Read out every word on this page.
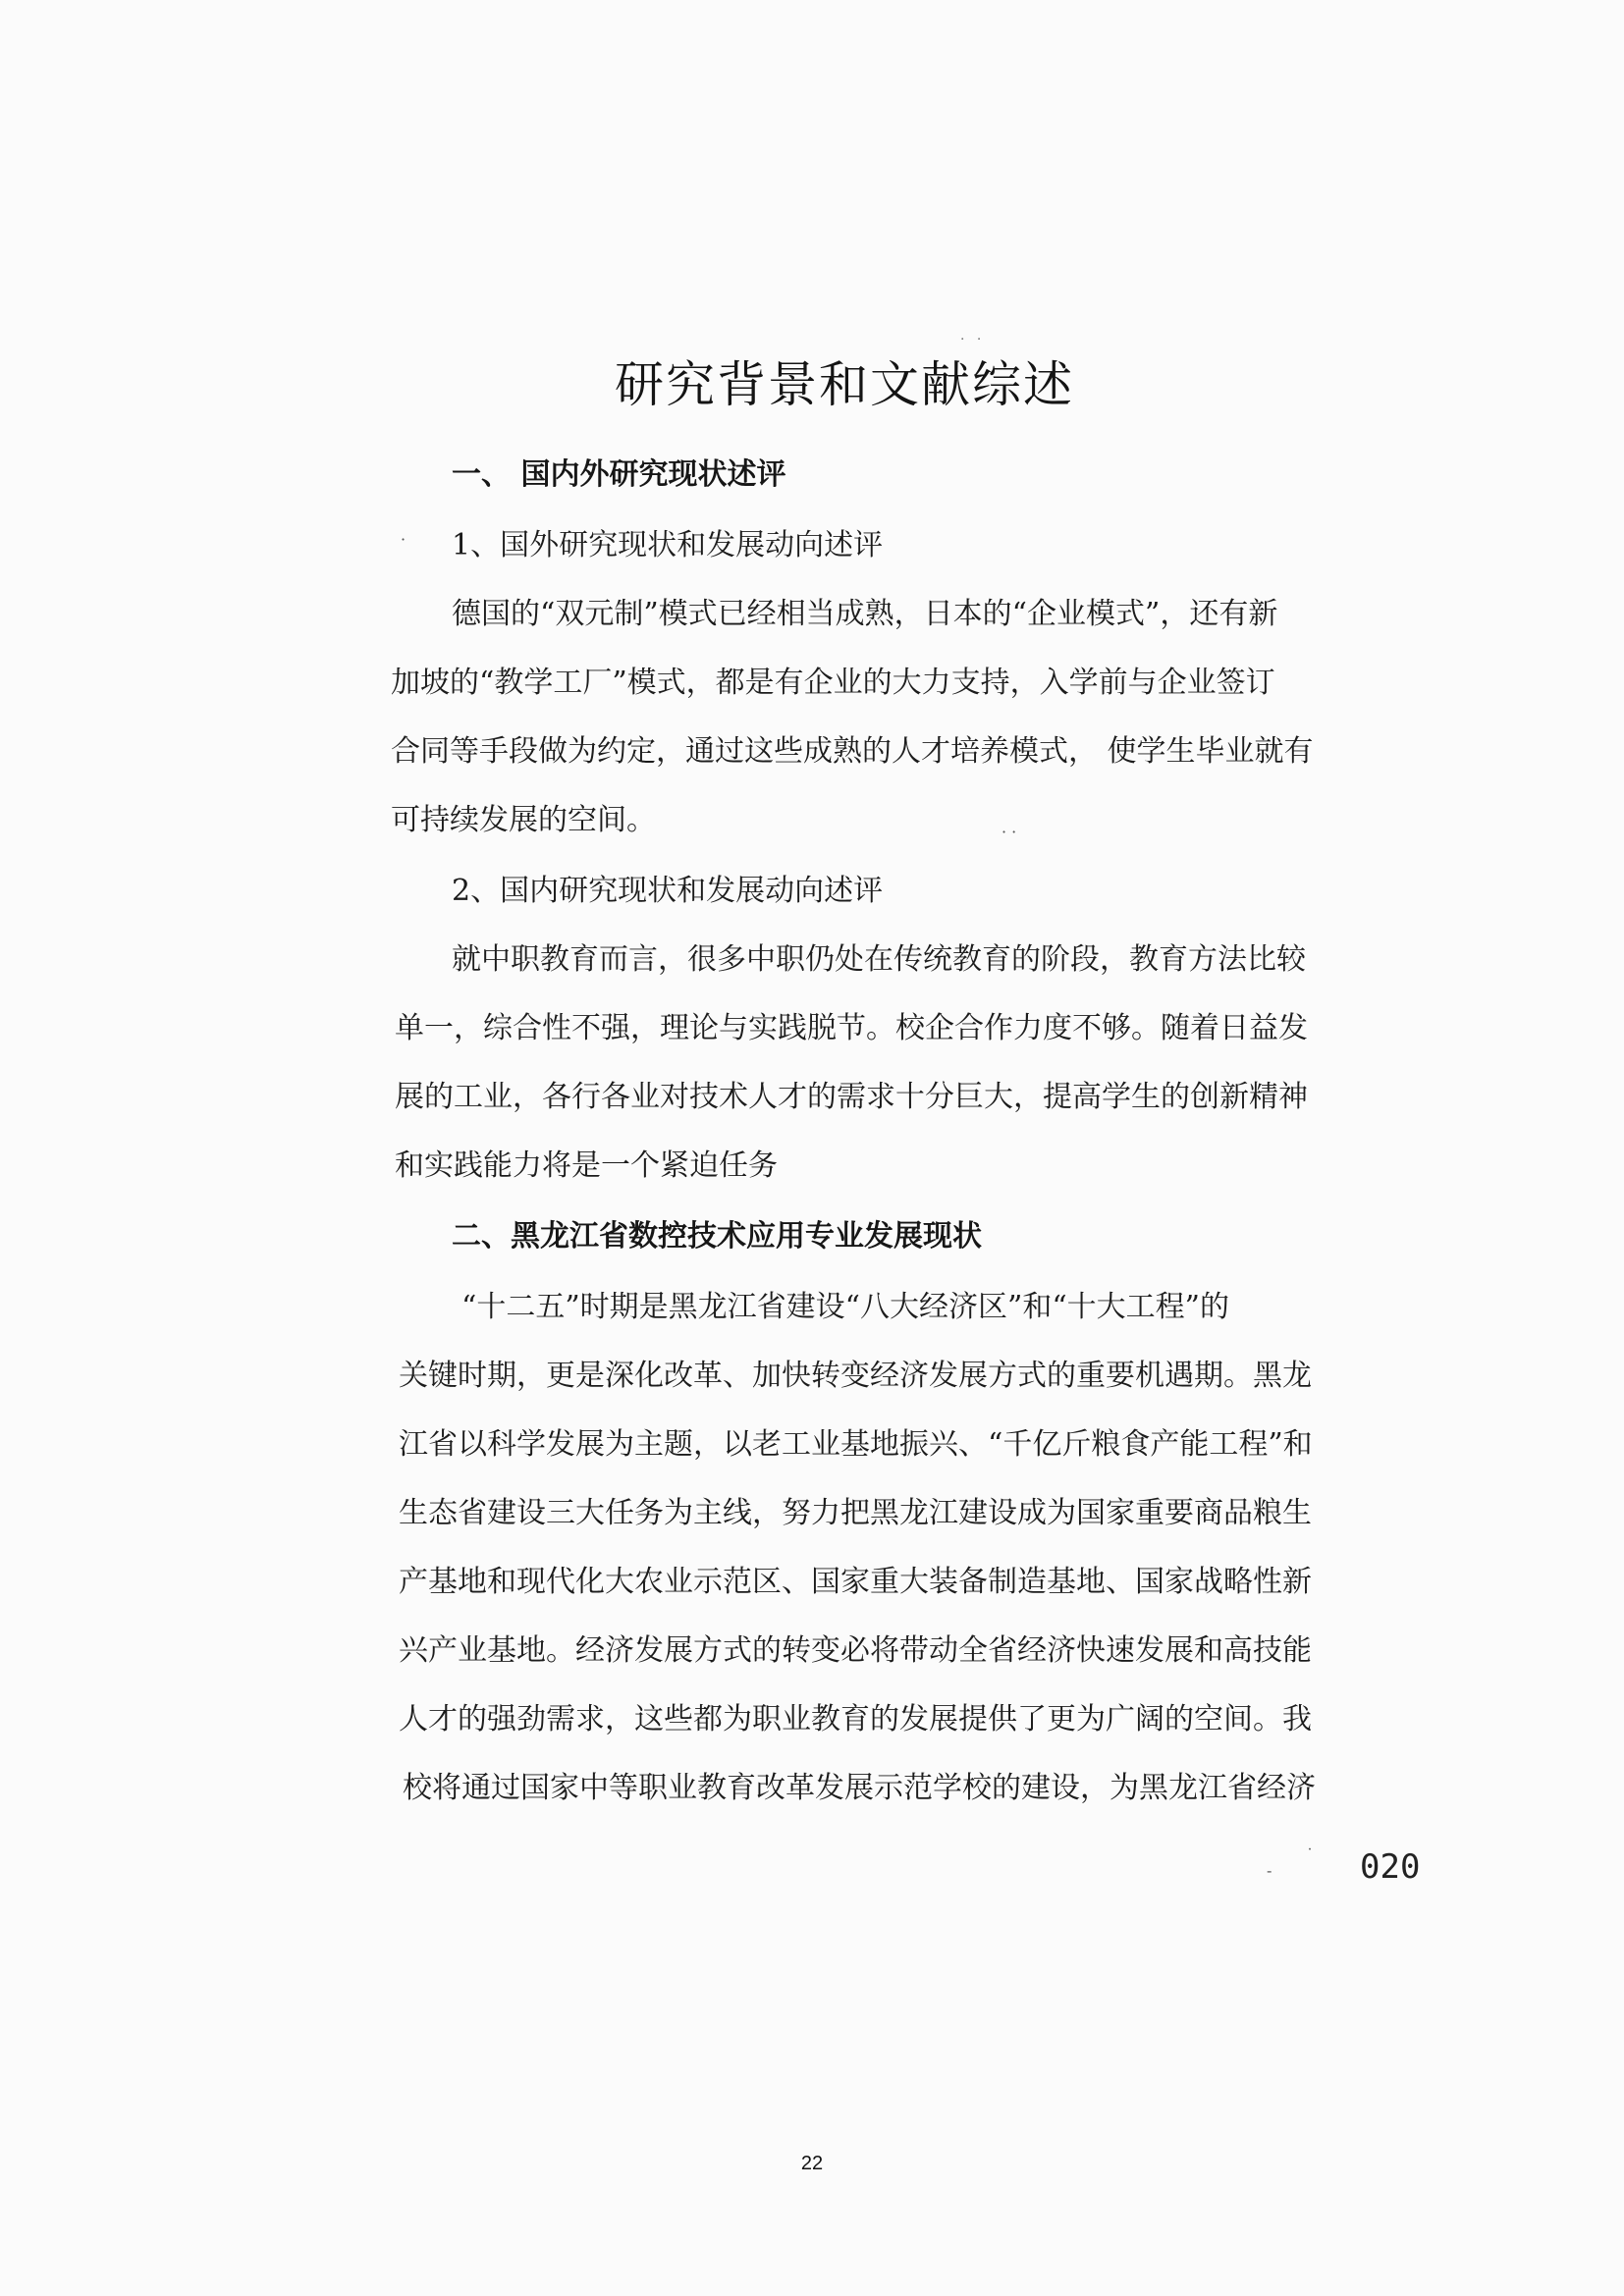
· ·
研究背景和文献综述
一、 国内外研究现状述评
· 1、国外研究现状和发展动向述评
德国的“双元制”模式已经相当成熟，日本的“企业模式”，还有新
加坡的“教学工厂”模式，都是有企业的大力支持，入学前与企业签订
合同等手段做为约定，通过这些成熟的人才培养模式， 使学生毕业就有
可持续发展的空间。	· ·
2、国内研究现状和发展动向述评
就中职教育而言，很多中职仍处在传统教育的阶段，教育方法比较
单一，综合性不强，理论与实践脱节。校企合作力度不够。随着日益发
展的工业，各行各业对技术人才的需求十分巨大，提高学生的创新精神
和实践能力将是一个紧迫任务
二、黑龙江省数控技术应用专业发展现状
“十二五”时期是黑龙江省建设“八大经济区”和“十大工程”的
关键时期，更是深化改革、加快转变经济发展方式的重要机遇期。黑龙
江省以科学发展为主题，以老工业基地振兴、“千亿斤粮食产能工程”和
生态省建设三大任务为主线，努力把黑龙江建设成为国家重要商品粮生
产基地和现代化大农业示范区、国家重大装备制造基地、国家战略性新
兴产业基地。经济发展方式的转变必将带动全省经济快速发展和高技能
人才的强劲需求，这些都为职业教育的发展提供了更为广阔的空间。我
校将通过国家中等职业教育改革发展示范学校的建设，为黑龙江省经济
-
˙ 020
22
